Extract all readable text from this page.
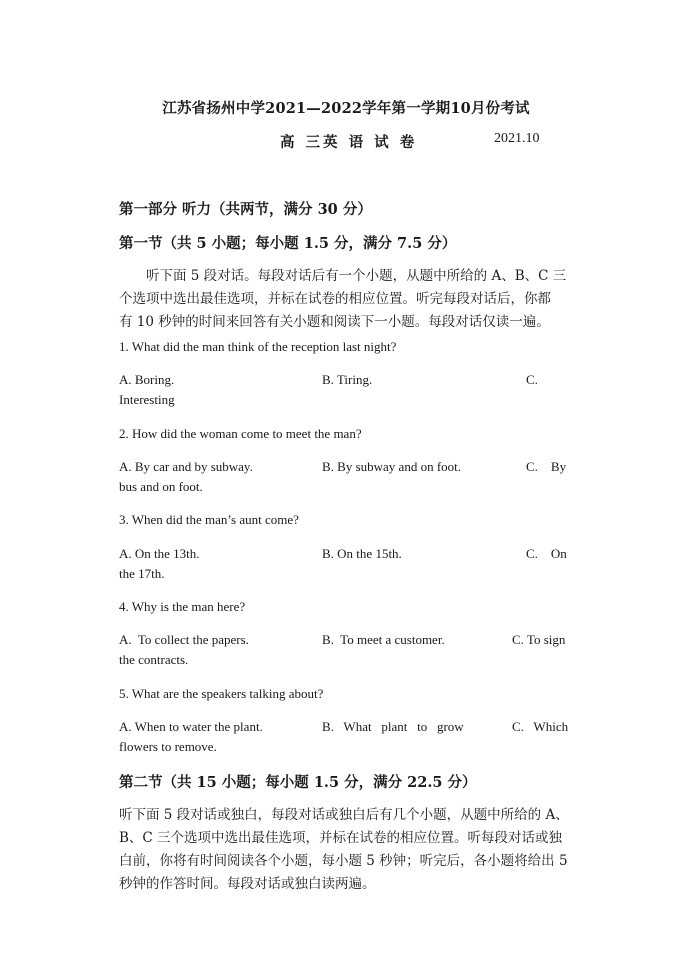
江苏省扬州中学2021—2022学年第一学期10月份考试
高 三英 语 试 卷	2021.10
第一部分 听力（共两节，满分 30 分）
第一节（共 5 小题；每小题 1.5 分，满分 7.5 分）
听下面 5 段对话。每段对话后有一个小题，从题中所给的 A、B、C 三
个选项中选出最佳选项，并标在试卷的相应位置。听完每段对话后，你都
有 10 秒钟的时间来回答有关小题和阅读下一小题。每段对话仅读一遍。
1. What did the man think of the reception last night?
A. Boring.	B. Tiring.	C.
Interesting
2. How did the woman come to meet the man?
A. By car and by subway.	B. By subway and on foot.	C.    By
bus and on foot.
3. When did the man’s aunt come?
A. On the 13th.	B. On the 15th.	C.    On
the 17th.
4. Why is the man here?
A.  To collect the papers.	B.  To meet a customer.	C. To sign
the contracts.
5. What are the speakers talking about?
A. When to water the plant.	B.   What   plant   to   grow	C.   Which
flowers to remove.
第二节（共 15 小题；每小题 1.5 分，满分 22.5 分）
听下面 5 段对话或独白，每段对话或独白后有几个小题，从题中所给的 A、
B、C 三个选项中选出最佳选项，并标在试卷的相应位置。听每段对话或独
白前，你将有时间阅读各个小题，每小题 5 秒钟；听完后，各小题将给出 5
秒钟的作答时间。每段对话或独白读两遍。
